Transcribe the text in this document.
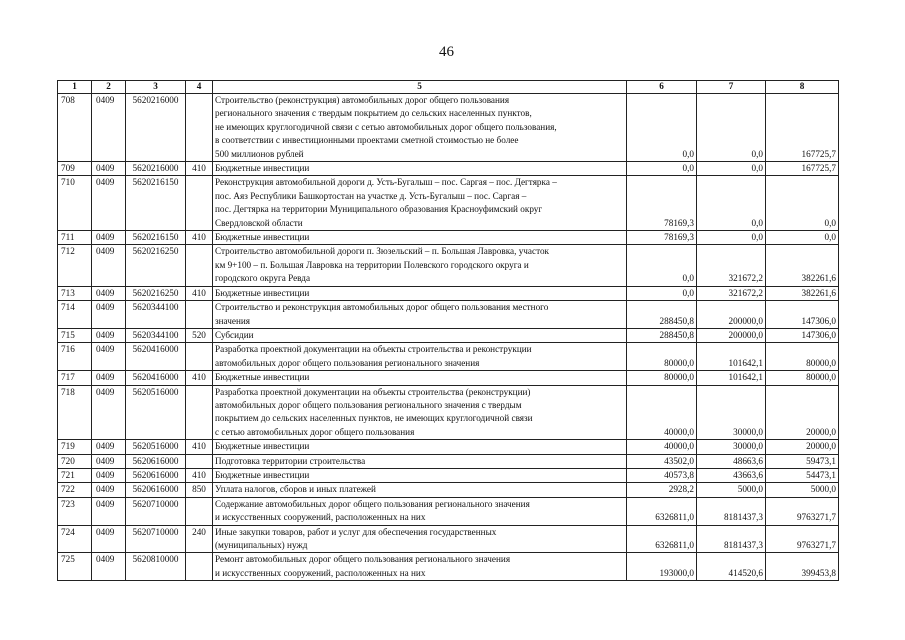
46
1	2	3	4	5	6	7	8
708	0409	5620216000		Строительство (реконструкция) автомобильных дорог общего пользования
регионального значения с твердым покрытием до сельских населенных пунктов,
не имеющих круглогодичной связи с сетью автомобильных дорог общего пользования,
в соответствии с инвестиционными проектами сметной стоимостью не более
500 миллионов рублей	0,0	0,0	167725,7
709	0409	5620216000	410	Бюджетные инвестиции	0,0	0,0	167725,7
710	0409	5620216150		Реконструкция автомобильной дороги д. Усть-Бугалыш – пос. Саргая – пос. Дегтярка –
пос. Аяз Республики Башкортостан на участке д. Усть-Бугалыш – пос. Саргая –
пос. Дегтярка на территории Муниципального образования Красноуфимский округ
Свердловской области	78169,3	0,0	0,0
711	0409	5620216150	410	Бюджетные инвестиции	78169,3	0,0	0,0
712	0409	5620216250		Строительство автомобильной дороги п. Зюзельский – п. Большая Лавровка, участок
км 9+100 – п. Большая Лавровка на территории Полевского городского округа и
городского округа Ревда	0,0	321672,2	382261,6
713	0409	5620216250	410	Бюджетные инвестиции	0,0	321672,2	382261,6
714	0409	5620344100		Строительство и реконструкция автомобильных дорог общего пользования местного
значения	288450,8	200000,0	147306,0
715	0409	5620344100	520	Субсидии	288450,8	200000,0	147306,0
716	0409	5620416000		Разработка проектной документации на объекты строительства и реконструкции
автомобильных дорог общего пользования регионального значения	80000,0	101642,1	80000,0
717	0409	5620416000	410	Бюджетные инвестиции	80000,0	101642,1	80000,0
718	0409	5620516000		Разработка проектной документации на объекты строительства (реконструкции)
автомобильных дорог общего пользования регионального значения с твердым
покрытием до сельских населенных пунктов, не имеющих круглогодичной связи
с сетью автомобильных дорог общего пользования	40000,0	30000,0	20000,0
719	0409	5620516000	410	Бюджетные инвестиции	40000,0	30000,0	20000,0
720	0409	5620616000		Подготовка территории строительства	43502,0	48663,6	59473,1
721	0409	5620616000	410	Бюджетные инвестиции	40573,8	43663,6	54473,1
722	0409	5620616000	850	Уплата налогов, сборов и иных платежей	2928,2	5000,0	5000,0
723	0409	5620710000		Содержание автомобильных дорог общего пользования регионального значения
и искусственных сооружений, расположенных на них	6326811,0	8181437,3	9763271,7
724	0409	5620710000	240	Иные закупки товаров, работ и услуг для обеспечения государственных
(муниципальных) нужд	6326811,0	8181437,3	9763271,7
725	0409	5620810000		Ремонт автомобильных дорог общего пользования регионального значения
и искусственных сооружений, расположенных на них	193000,0	414520,6	399453,8
